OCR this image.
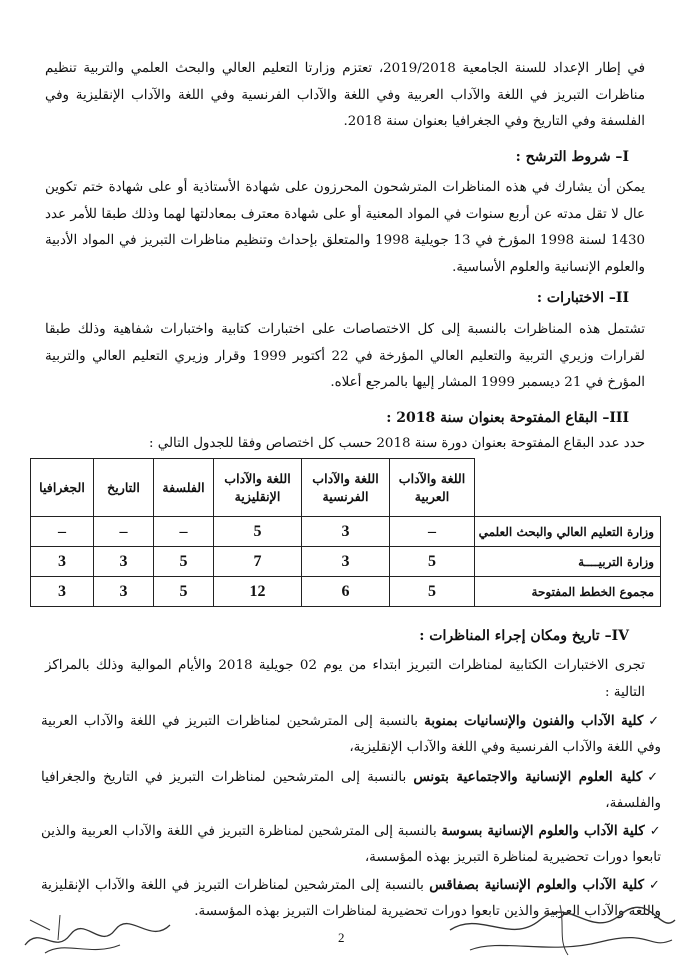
في إطار الإعداد للسنة الجامعية 2019/2018، تعتزم وزارتا التعليم العالي والبحث العلمي والتربية تنظيم مناظرات التبريز في اللغة والآداب العربية وفي اللغة والآداب الفرنسية وفي اللغة والآداب الإنقليزية وفي الفلسفة وفي التاريخ وفي الجغرافيا بعنوان سنة 2018.

I– شروط الترشح :

يمكن أن يشارك في هذه المناظرات المترشحون المحرزون على شهادة الأستاذية أو على شهادة ختم تكوين عال لا تقل مدته عن أربع سنوات في المواد المعنية أو على شهادة معترف بمعادلتها لهما وذلك طبقا للأمر عدد 1430 لسنة 1998 المؤرخ في 13 جويلية 1998 والمتعلق بإحداث وتنظيم مناظرات التبريز في المواد الأدبية والعلوم الإنسانية والعلوم الأساسية.

II– الاختبارات :

تشتمل هذه المناظرات بالنسبة إلى كل الاختصاصات على اختبارات كتابية واختبارات شفاهية وذلك طبقا لقرارات وزيري التربية والتعليم العالي المؤرخة في 22 أكتوبر 1999 وقرار وزيري التعليم العالي والتربية المؤرخ في 21 ديسمبر 1999 المشار إليها بالمرجع أعلاه.

III– البقاع المفتوحة بعنوان سنة 2018 :
حدد عدد البقاع المفتوحة بعنوان دورة سنة 2018 حسب كل اختصاص وفقا للجدول التالي :
	اللغة والآداب العربية	اللغة والآداب الفرنسية	اللغة والآداب الإنقليزية	الفلسفة	التاريخ	الجغرافيا
وزارة التعليم العالي والبحث العلمي	–	3	5	–	–	–
وزارة التربيــــة	5	3	7	5	3	3
مجموع الخطط المفتوحة	5	6	12	5	3	3
IV– تاريخ ومكان إجراء المناظرات :

تجرى الاختبارات الكتابية لمناظرات التبريز ابتداء من يوم 02 جويلية 2018 والأيام الموالية وذلك بالمراكز التالية :

✓كلية الآداب والفنون والإنسانيات بمنوبة بالنسبة إلى المترشحين لمناظرات التبريز في اللغة والآداب العربية وفي اللغة والآداب الفرنسية وفي اللغة والآداب الإنقليزية،

✓كلية العلوم الإنسانية والاجتماعية بتونس بالنسبة إلى المترشحين لمناظرات التبريز في التاريخ والجغرافيا والفلسفة،

✓كلية الآداب والعلوم الإنسانية بسوسة بالنسبة إلى المترشحين لمناظرة التبريز في اللغة والآداب العربية والذين تابعوا دورات تحضيرية لمناظرة التبريز بهذه المؤسسة،

✓كلية الآداب والعلوم الإنسانية بصفاقس بالنسبة إلى المترشحين لمناظرات التبريز في اللغة والآداب الإنقليزية واللغة والآداب العربية والذين تابعوا دورات تحضيرية لمناظرات التبريز بهذه المؤسسة.

2
